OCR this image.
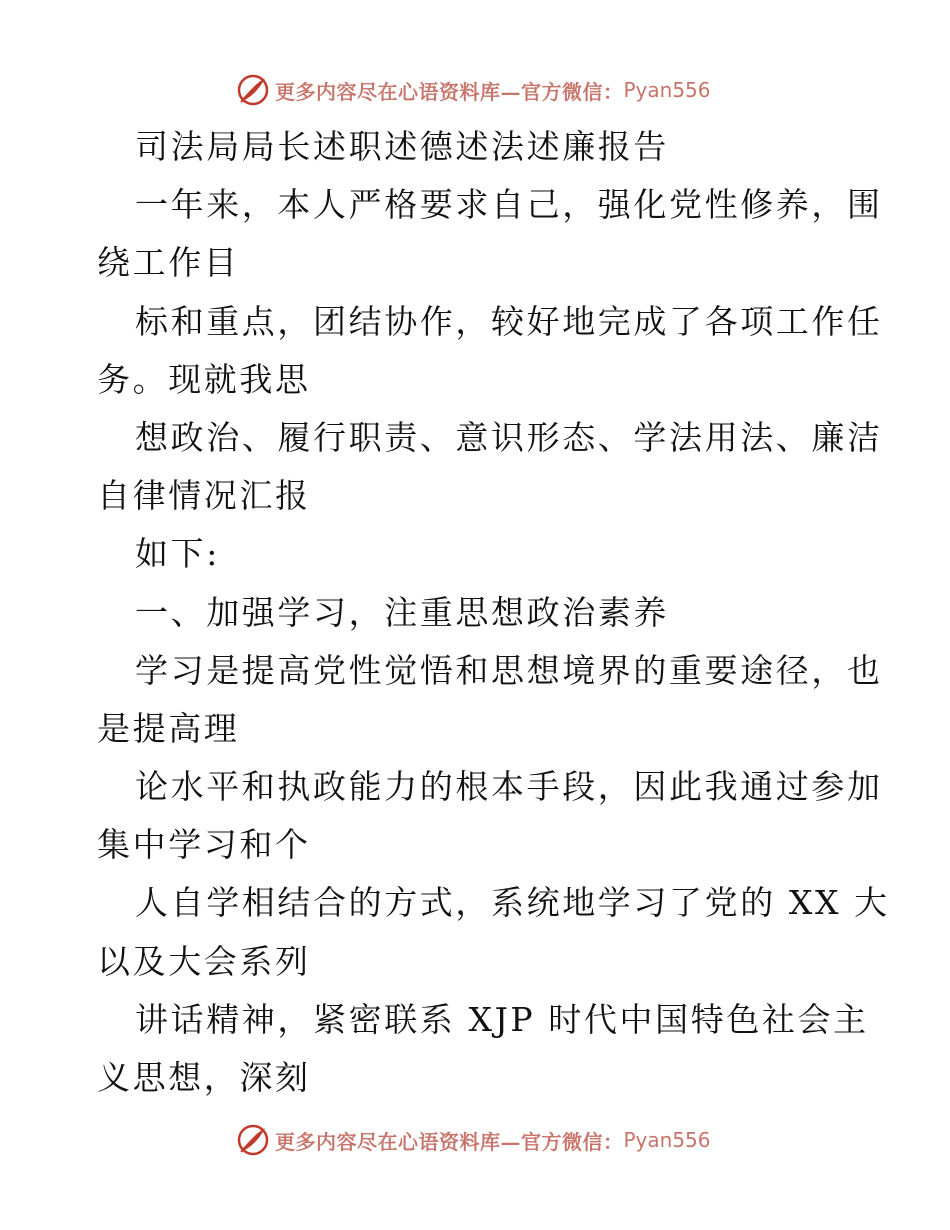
更多内容尽在心语资料库—官方微信： Pyan556
司法局局长述职述德述法述廉报告
一年来，本人严格要求自己，强化党性修养，围
绕工作目
标和重点，团结协作，较好地完成了各项工作任
务。现就我思
想政治、履行职责、意识形态、学法用法、廉洁
自律情况汇报
如下:
一、加强学习，注重思想政治素养
学习是提高党性觉悟和思想境界的重要途径，也
是提高理
论水平和执政能力的根本手段，因此我通过参加
集中学习和个
人自学相结合的方式，系统地学习了党的 XX 大
以及大会系列
讲话精神，紧密联系 XJP 时代中国特色社会主
义思想，深刻
更多内容尽在心语资料库—官方微信： Pyan556
